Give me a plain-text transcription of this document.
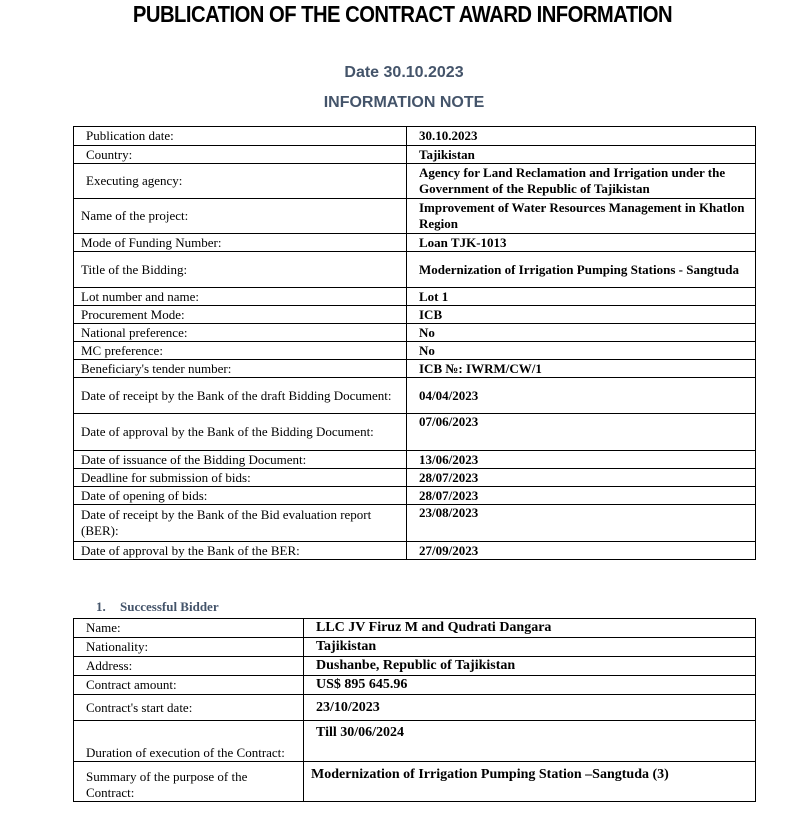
PUBLICATION OF THE CONTRACT AWARD INFORMATION
Date 30.10.2023
INFORMATION NOTE
Publication date:	30.10.2023
Country:	Tajikistan
Executing agency:	Agency for Land Reclamation and Irrigation under the Government of the Republic of Tajikistan
Name of the project:	Improvement of Water Resources Management in Khatlon Region
Mode of Funding Number:	Loan TJK-1013
Title of the Bidding:	Modernization of Irrigation Pumping Stations - Sangtuda
Lot number and name:	Lot 1
Procurement Mode:	ICB
National preference:	No
MC preference:	No
Beneficiary's tender number:	ICB №: IWRM/CW/1
Date of receipt by the Bank of the draft Bidding Document:	04/04/2023
Date of approval by the Bank of the Bidding Document:	07/06/2023
Date of issuance of the Bidding Document:	13/06/2023
Deadline for submission of bids:	28/07/2023
Date of opening of bids:	28/07/2023
Date of receipt by the Bank of the Bid evaluation report (BER):	23/08/2023
Date of approval by the Bank of the BER:	27/09/2023
1. Successful Bidder
Name:	LLC JV Firuz M and Qudrati Dangara
Nationality:	Tajikistan
Address:	Dushanbe, Republic of Tajikistan
Contract amount:	US$ 895 645.96
Contract's start date:	23/10/2023
Duration of execution of the Contract:	Till 30/06/2024
Summary of the purpose of the Contract:	Modernization of Irrigation Pumping Station –Sangtuda (3)
